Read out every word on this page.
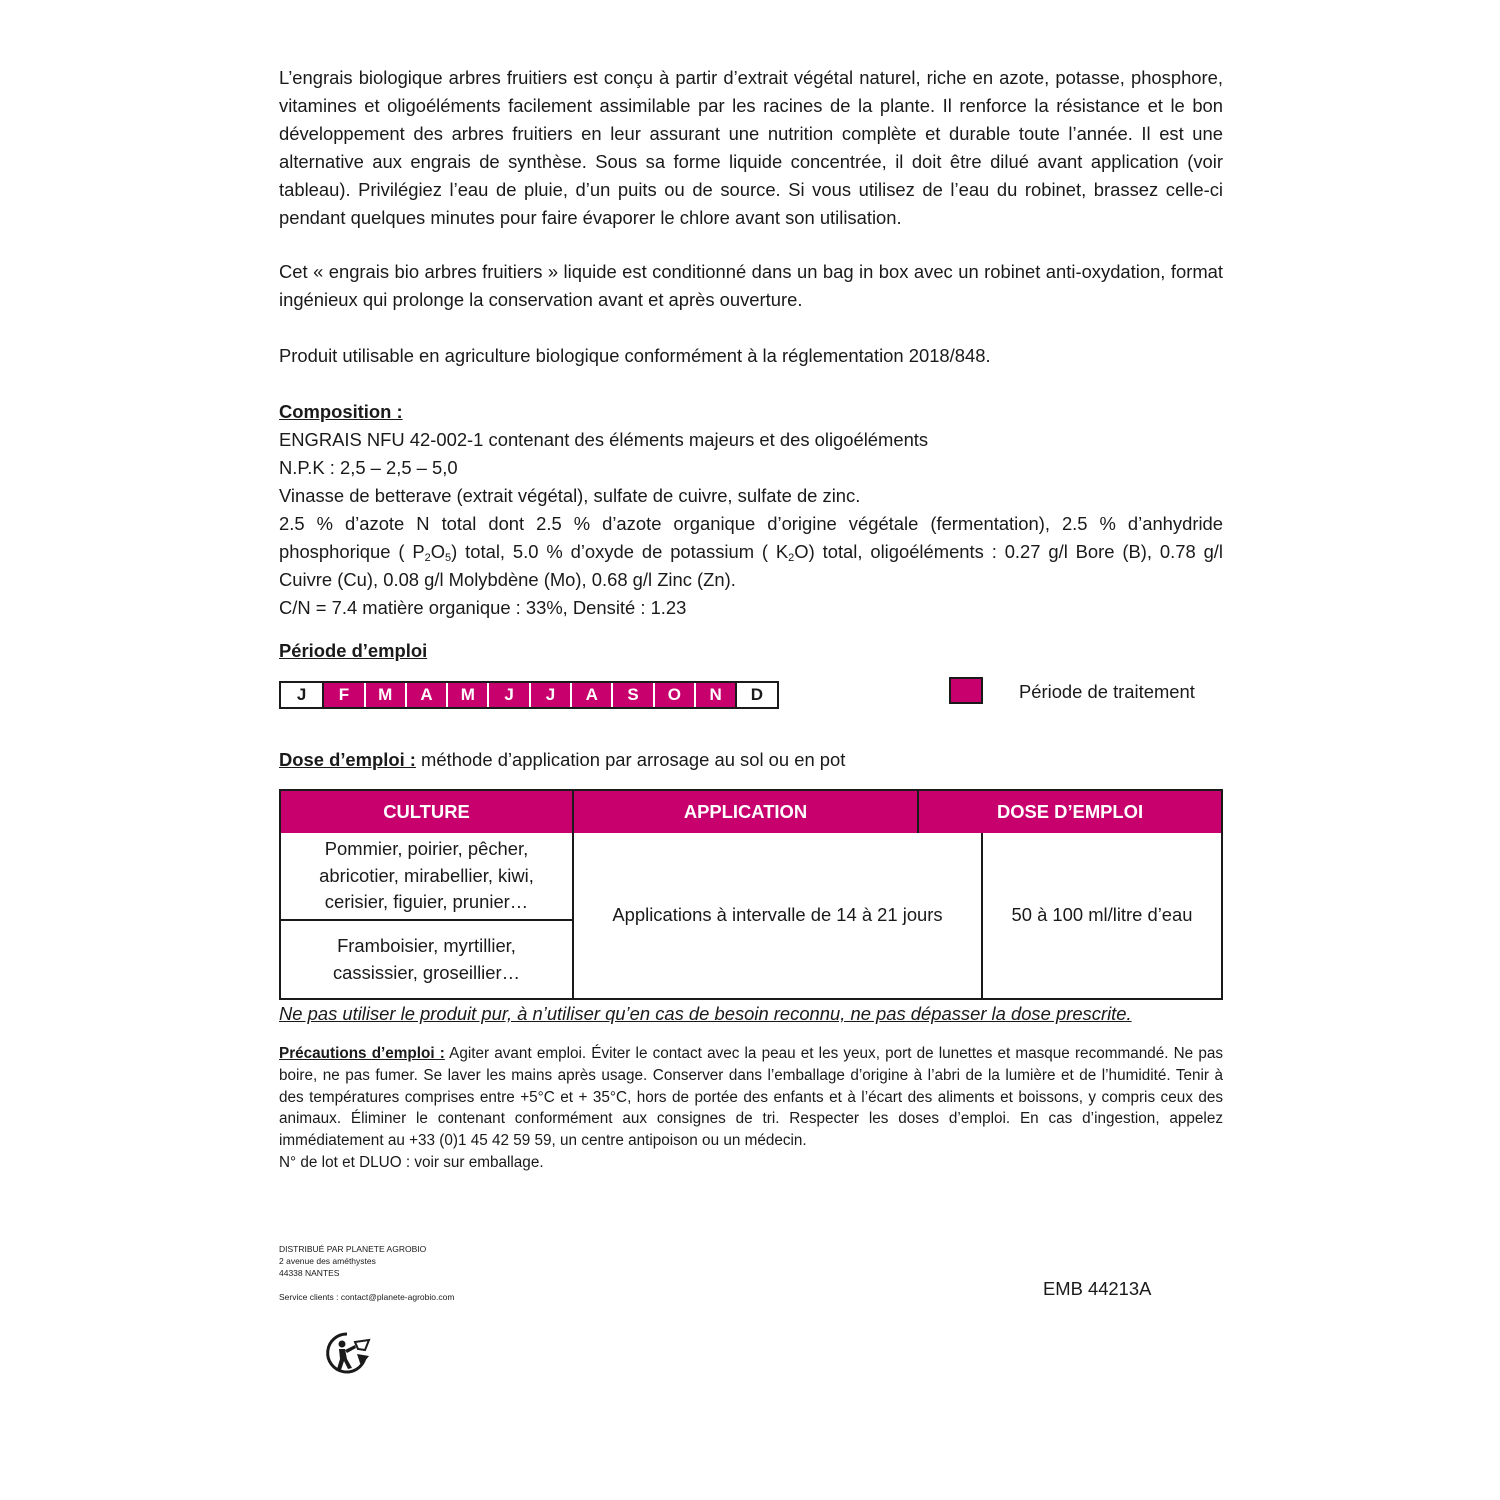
L’engrais biologique arbres fruitiers est conçu à partir d’extrait végétal naturel, riche en azote, potasse, phosphore, vitamines et oligoéléments facilement assimilable par les racines de la plante. Il renforce la résistance et le bon développement des arbres fruitiers en leur assurant une nutrition complète et durable toute l’année. Il est une alternative aux engrais de synthèse. Sous sa forme liquide concentrée, il doit être dilué avant application (voir tableau). Privilégiez l’eau de pluie, d’un puits ou de source. Si vous utilisez de l’eau du robinet, brassez celle-ci pendant quelques minutes pour faire évaporer le chlore avant son utilisation.

Cet « engrais bio arbres fruitiers » liquide est conditionné dans un bag in box avec un robinet anti-oxydation, format ingénieux qui prolonge la conservation avant et après ouverture.

Produit utilisable en agriculture biologique conformément à la réglementation 2018/848.

Composition :
ENGRAIS NFU 42-002-1 contenant des éléments majeurs et des oligoéléments
N.P.K : 2,5 – 2,5 – 5,0
Vinasse de betterave (extrait végétal), sulfate de cuivre, sulfate de zinc.
2.5 % d’azote N total dont 2.5 % d’azote organique d’origine végétale (fermentation), 2.5 % d’anhydride phosphorique ( $P_2O_5$) total, 5.0 % d’oxyde de potassium ( $K_2O$) total, oligoéléments : 0.27 g/l Bore (B), 0.78 g/l Cuivre (Cu), 0.08 g/l Molybdène (Mo), 0.68 g/l Zinc (Zn).
C/N = 7.4 matière organique : 33%, Densité : 1.23
Période d’emploi
J	F	M	A	M	J	J	A	S	O	N	D	Période de traitement
Dose d’emploi : méthode d’application par arrosage au sol ou en pot
CULTURE	APPLICATION	DOSE D’EMPLOI
Pommier, poirier, pêcher, abricotier, mirabellier, kiwi, cerisier, figuier, prunier…
Framboisier, myrtillier, cassissier, groseillier…
Applications à intervalle de 14 à 21 jours	50 à 100 ml/litre d’eau
Ne pas utiliser le produit pur, à n’utiliser qu’en cas de besoin reconnu, ne pas dépasser la dose prescrite.
Précautions d’emploi : Agiter avant emploi. Éviter le contact avec la peau et les yeux, port de lunettes et masque recommandé. Ne pas boire, ne pas fumer. Se laver les mains après usage. Conserver dans l’emballage d’origine à l’abri de la lumière et de l’humidité. Tenir à des températures comprises entre +5°C et + 35°C, hors de portée des enfants et à l’écart des aliments et boissons, y compris ceux des animaux. Éliminer le contenant conformément aux consignes de tri. Respecter les doses d’emploi. En cas d’ingestion, appelez immédiatement au +33 (0)1 45 42 59 59, un centre antipoison ou un médecin.
N° de lot et DLUO : voir sur emballage.
DISTRIBUÉ PAR PLANETE AGROBIO
2 avenue des améthystes
44338 NANTES
Service clients : contact@planete-agrobio.com	EMB 44213A
